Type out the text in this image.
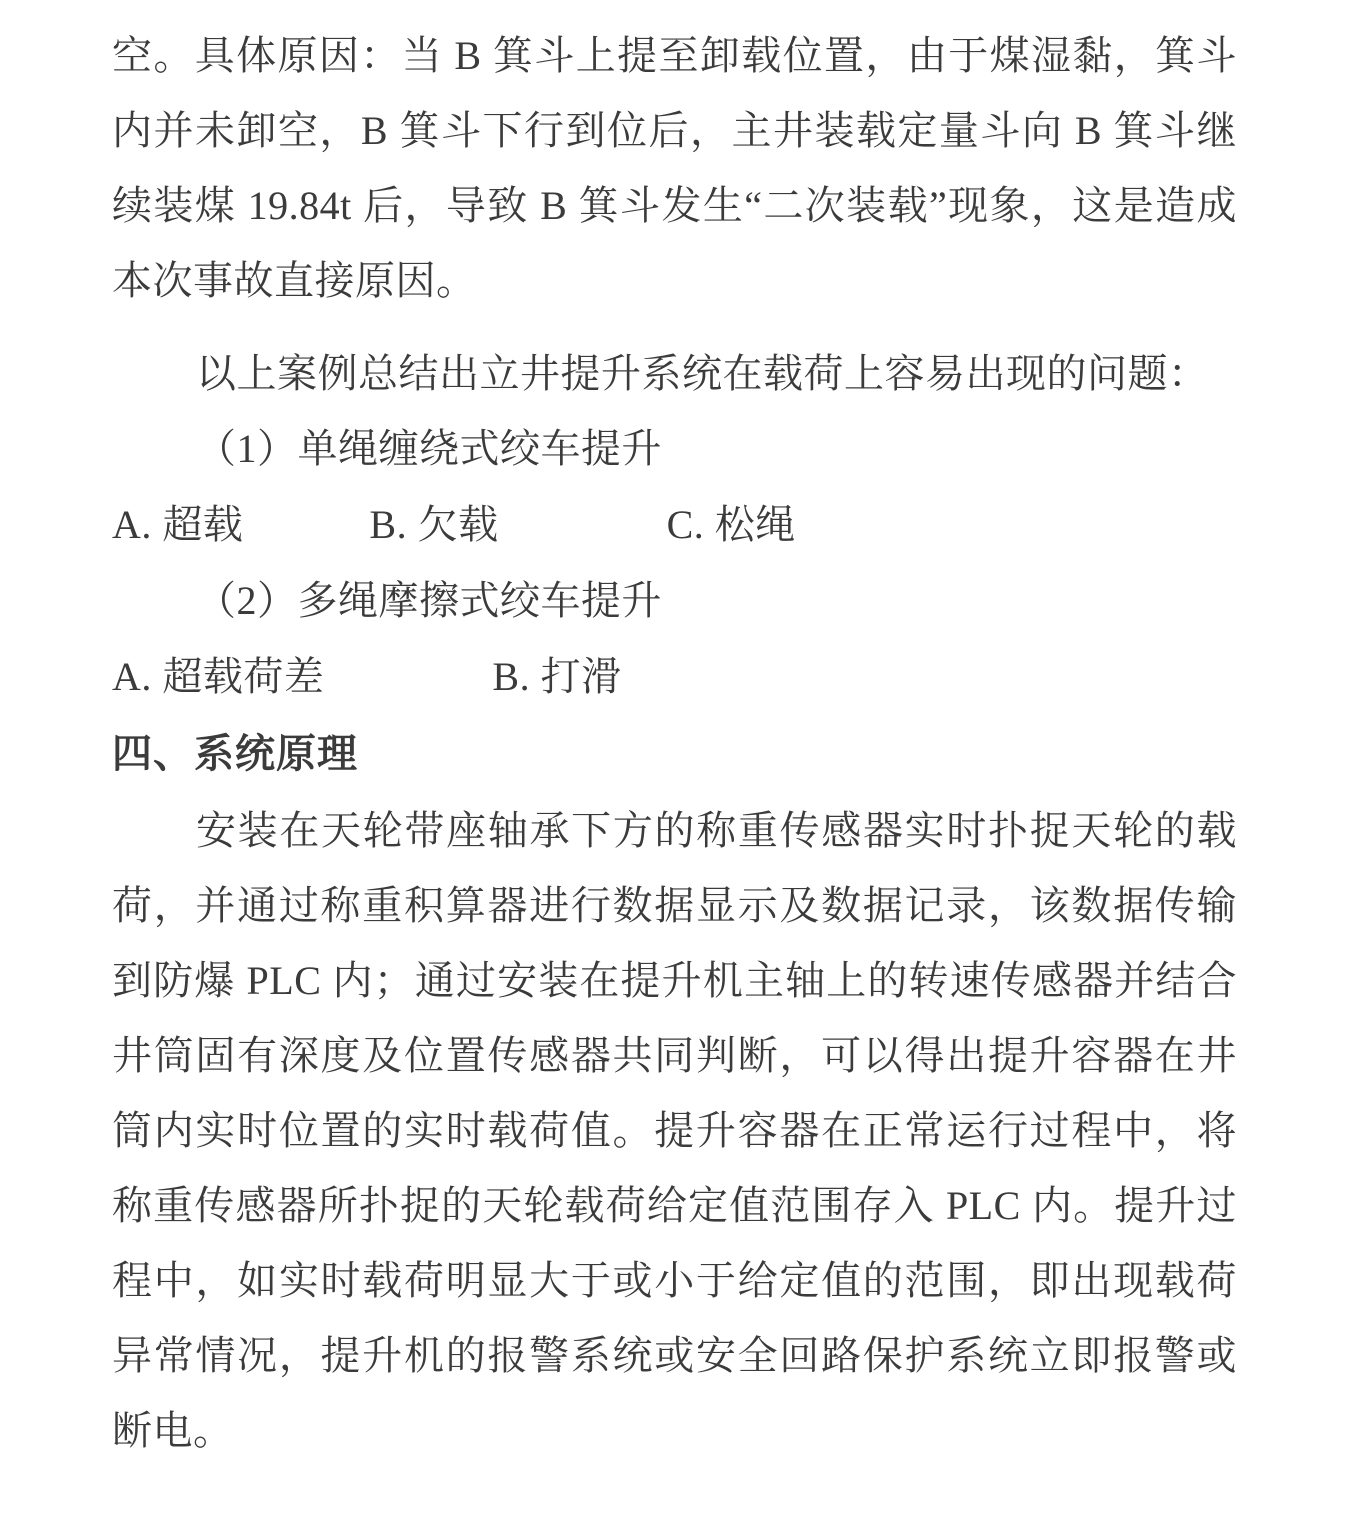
空。具体原因：当 B 箕斗上提至卸载位置，由于煤湿黏，箕斗内并未卸空，B 箕斗下行到位后，主井装载定量斗向 B 箕斗继续装煤 19.84t 后，导致 B 箕斗发生“二次装载”现象，这是造成本次事故直接原因。

以上案例总结出立井提升系统在载荷上容易出现的问题：

（1）单绳缠绕式绞车提升

A. 超载            B. 欠载                C. 松绳

（2）多绳摩擦式绞车提升

A. 超载荷差                B. 打滑

四、系统原理

安装在天轮带座轴承下方的称重传感器实时扑捉天轮的载荷，并通过称重积算器进行数据显示及数据记录，该数据传输到防爆 PLC 内；通过安装在提升机主轴上的转速传感器并结合井筒固有深度及位置传感器共同判断，可以得出提升容器在井筒内实时位置的实时载荷值。提升容器在正常运行过程中，将称重传感器所扑捉的天轮载荷给定值范围存入 PLC 内。提升过程中，如实时载荷明显大于或小于给定值的范围，即出现载荷异常情况，提升机的报警系统或安全回路保护系统立即报警或断电。
